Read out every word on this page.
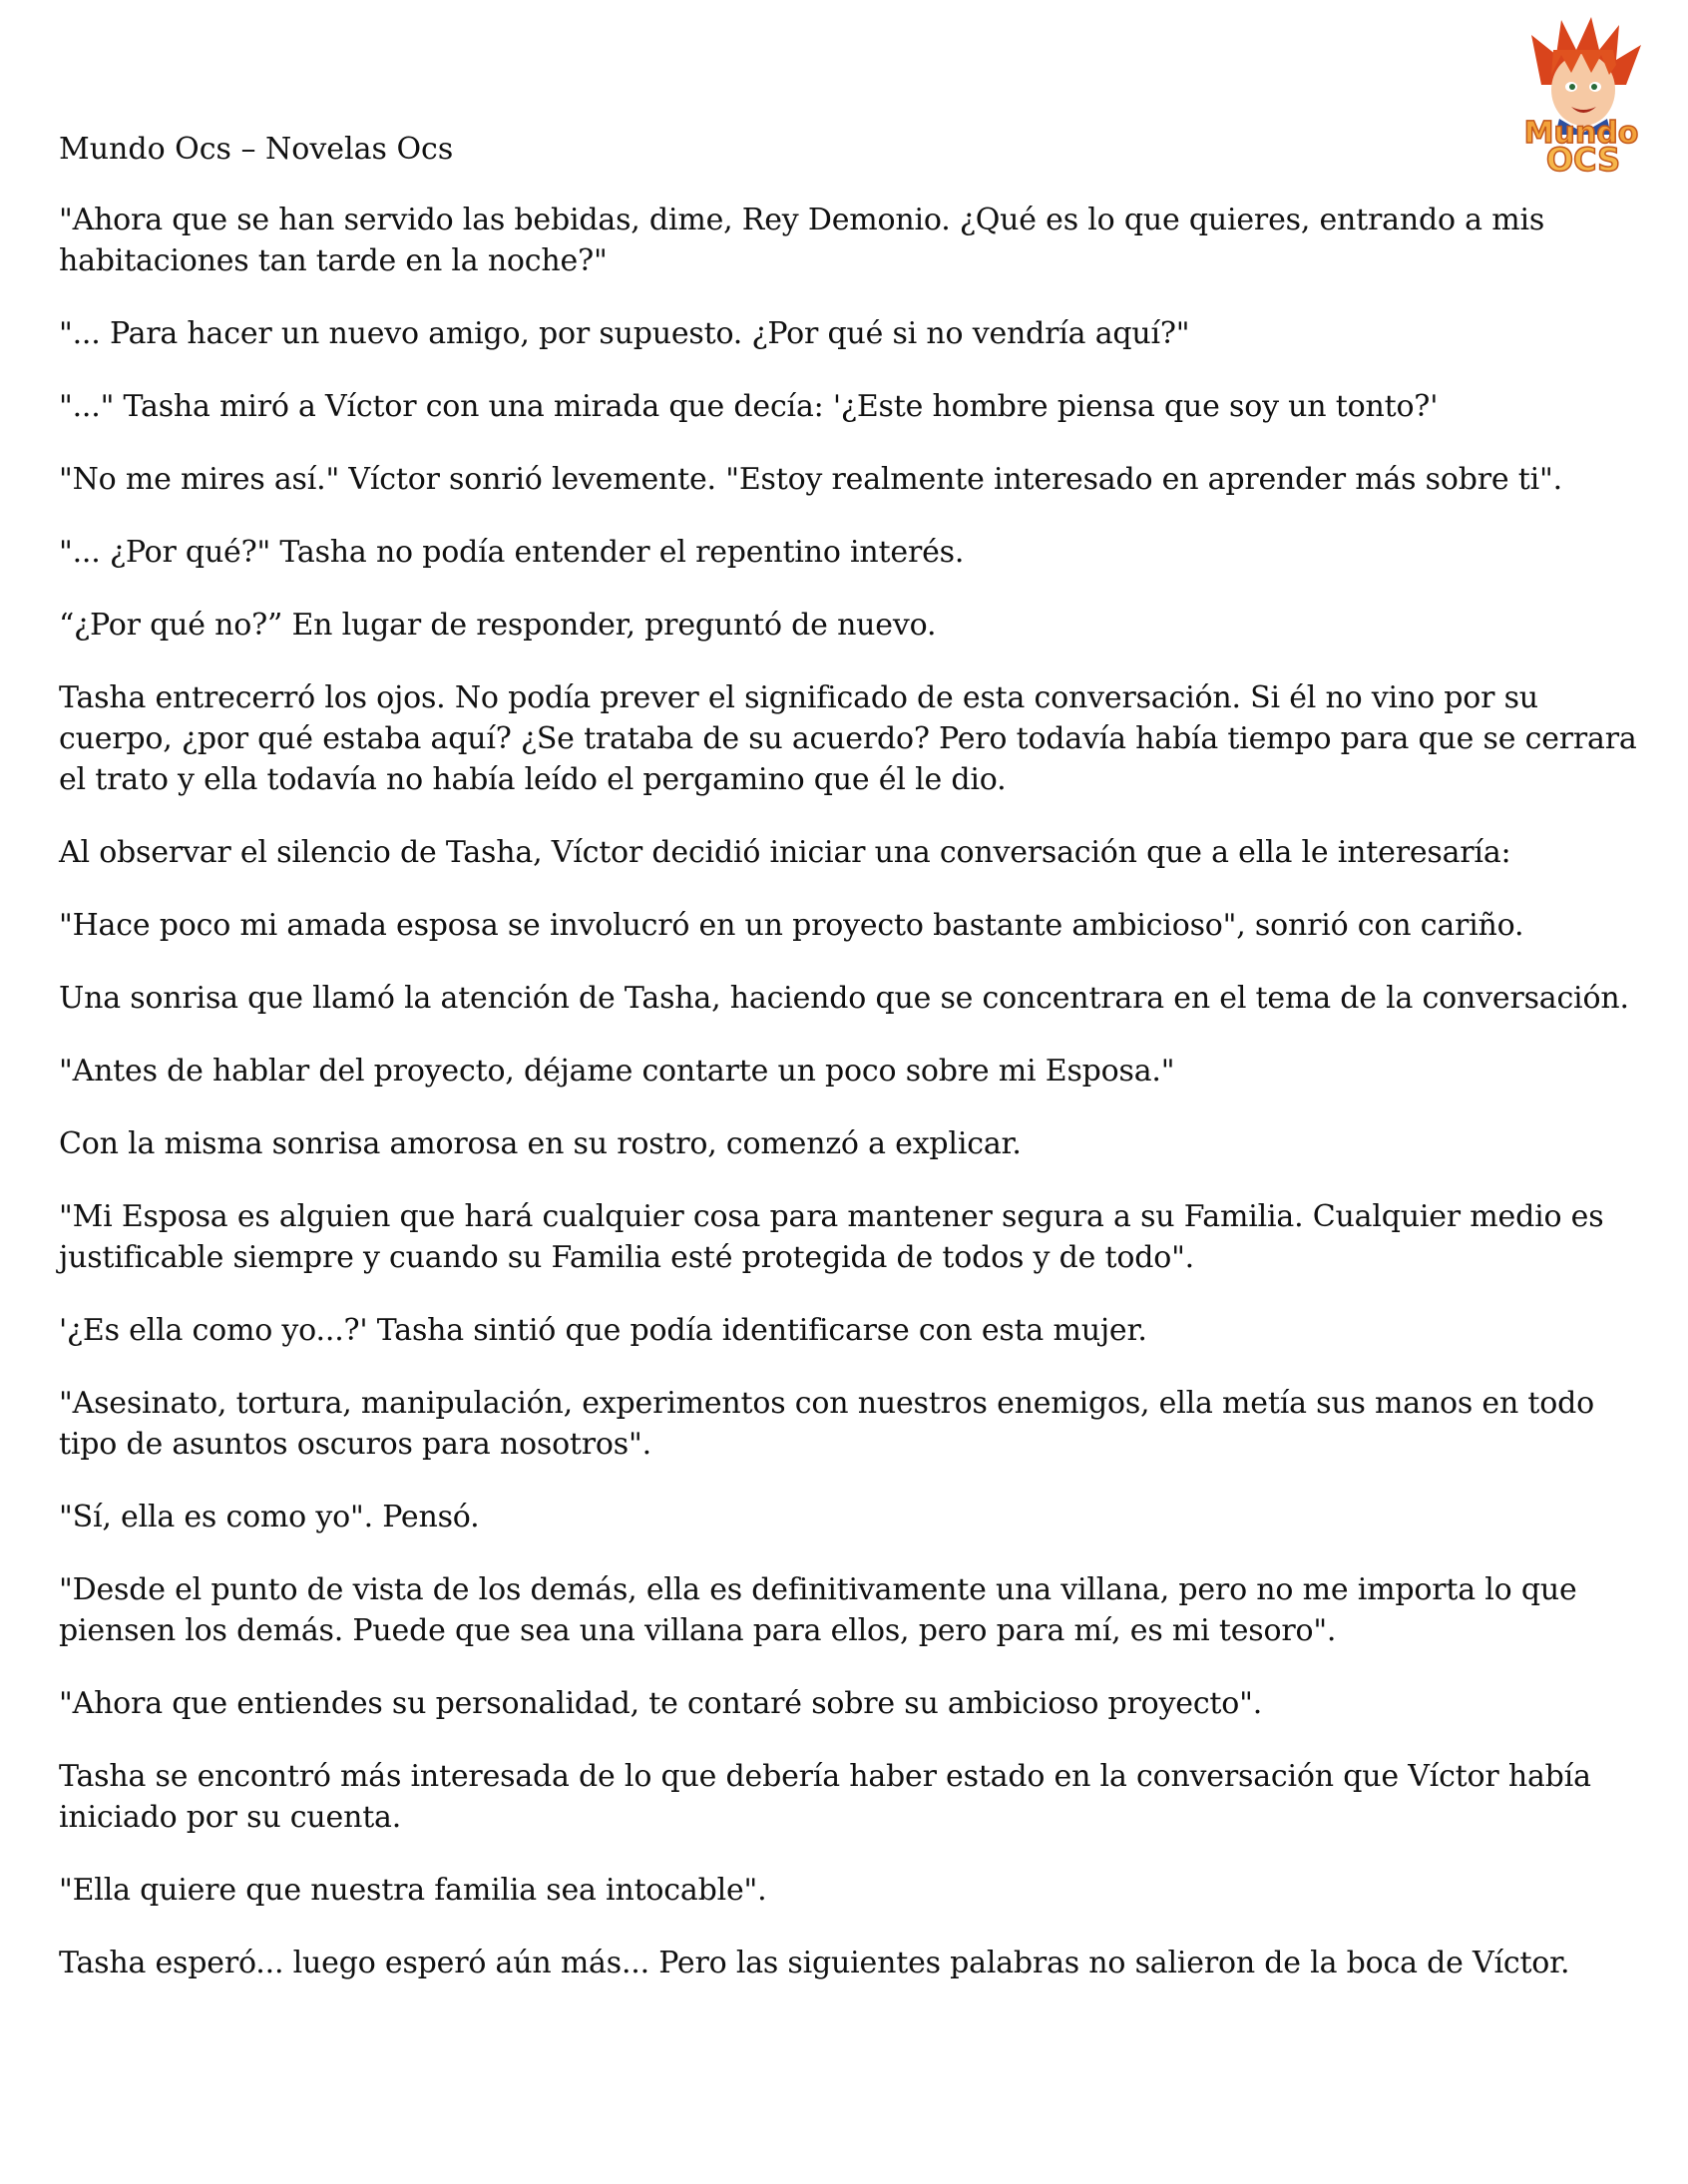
Mundo
OCS
Mundo Ocs – Novelas Ocs

"Ahora que se han servido las bebidas, dime, Rey Demonio. ¿Qué es lo que quieres, entrando a mis habitaciones tan tarde en la noche?"

"... Para hacer un nuevo amigo, por supuesto. ¿Por qué si no vendría aquí?"

"..." Tasha miró a Víctor con una mirada que decía: '¿Este hombre piensa que soy un tonto?'

"No me mires así." Víctor sonrió levemente. "Estoy realmente interesado en aprender más sobre ti".

"... ¿Por qué?" Tasha no podía entender el repentino interés.

“¿Por qué no?” En lugar de responder, preguntó de nuevo.

Tasha entrecerró los ojos. No podía prever el significado de esta conversación. Si él no vino por su cuerpo, ¿por qué estaba aquí? ¿Se trataba de su acuerdo? Pero todavía había tiempo para que se cerrara el trato y ella todavía no había leído el pergamino que él le dio.

Al observar el silencio de Tasha, Víctor decidió iniciar una conversación que a ella le interesaría:

"Hace poco mi amada esposa se involucró en un proyecto bastante ambicioso", sonrió con cariño.

Una sonrisa que llamó la atención de Tasha, haciendo que se concentrara en el tema de la conversación.

"Antes de hablar del proyecto, déjame contarte un poco sobre mi Esposa."

Con la misma sonrisa amorosa en su rostro, comenzó a explicar.

"Mi Esposa es alguien que hará cualquier cosa para mantener segura a su Familia. Cualquier medio es justificable siempre y cuando su Familia esté protegida de todos y de todo".

'¿Es ella como yo...?' Tasha sintió que podía identificarse con esta mujer.

"Asesinato, tortura, manipulación, experimentos con nuestros enemigos, ella metía sus manos en todo tipo de asuntos oscuros para nosotros".

"Sí, ella es como yo". Pensó.

"Desde el punto de vista de los demás, ella es definitivamente una villana, pero no me importa lo que piensen los demás. Puede que sea una villana para ellos, pero para mí, es mi tesoro".

"Ahora que entiendes su personalidad, te contaré sobre su ambicioso proyecto".

Tasha se encontró más interesada de lo que debería haber estado en la conversación que Víctor había iniciado por su cuenta.

"Ella quiere que nuestra familia sea intocable".

Tasha esperó... luego esperó aún más... Pero las siguientes palabras no salieron de la boca de Víctor.
